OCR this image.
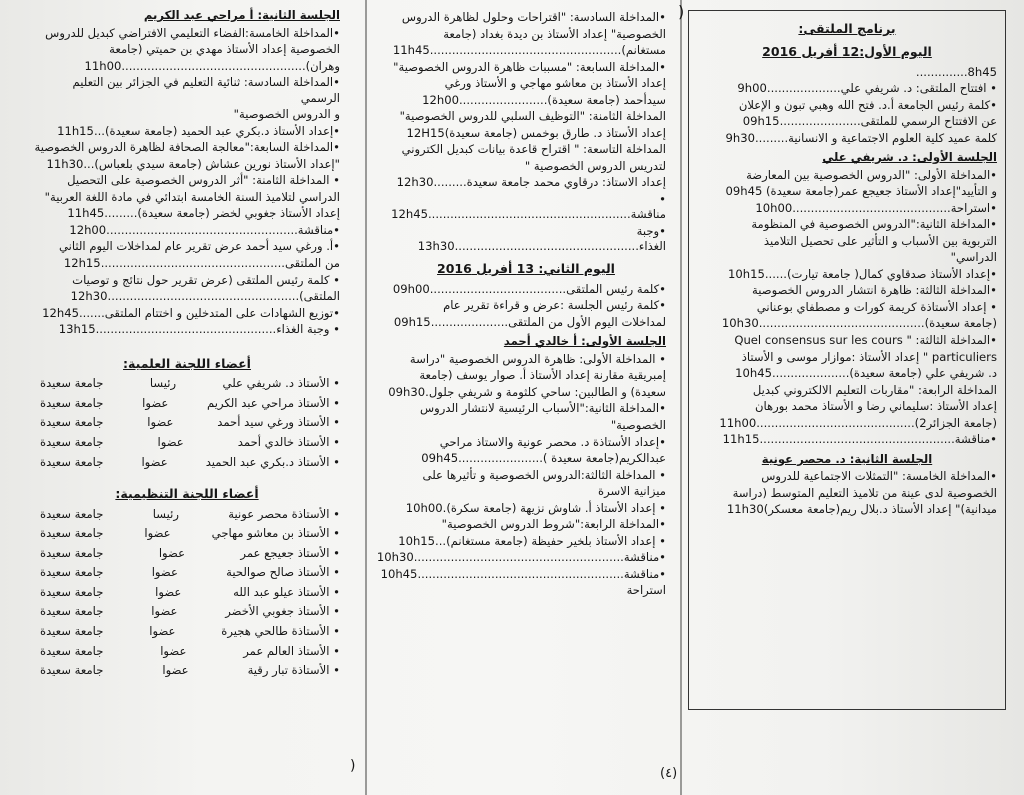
برنامج الملتقى:
اليوم الأول:12 أفريل 2016
8h45..............
• افتتاح الملتقى: د. شريفي علي....................9h00
•كلمة رئيس الجامعة أ.د. فتح الله وهبي تبون و الإعلان
عن الافتتاح الرسمي للملتقى......................09h15
كلمة عميد كلية العلوم الاجتماعية و الانسانية.........9h30
الجلسة الأولى: د. شريفي علي
•المداخلة الأولى: "الدروس الخصوصية بين المعارضة
و التأييد"إعداد الأستاذ جعيجع عمر(جامعة سعيدة) 09h45
•استراحة...........................................10h00
•المداخلة الثانية:"الدروس الخصوصية في المنظومة
التربوية بين الأسباب و التأثير على تحصيل التلاميذ
الدراسي"
•إعداد الأستاذ صدقاوي كمال( جامعة تيارت)......10h15
•المداخلة الثالثة: ظاهرة انتشار الدروس الخصوصية
• إعداد الأستاذة كريمة كورات و مصطفاي بوعناني
(جامعة سعيدة).............................................10h30
•المداخلة الثالثة: " Quel consensus sur les cours
particuliers " إعداد الأستاذ :موازار موسى و الأستاذ
د. شريفي علي (جامعة سعيدة).....................10h45
المداخلة الرابعة: "مقاربات التعليم الالكتروني كبديل
إعداد الأستاذ :سليماني رضا و الأستاذ محمد بورهان
(جامعة الجزائر2)...........................................11h00
•مناقشة.....................................................11h15
الجلسة الثانية: د. محصر عونية
•المداخلة الخامسة: "التمثلات الاجتماعية للدروس
الخصوصية لدى عينة من تلاميذ التعليم المتوسط (دراسة
ميدانية)" إعداد الأستاذ د.بلال ريم(جامعة معسكر)11h30
•المداخلة السادسة: "اقتراحات وحلول لظاهرة الدروس
الخصوصية" إعداد الأستاذ بن ديدة بغداد (جامعة
مستغانم)....................................................11h45
•المداخلة السابعة: "مسببات ظاهرة الدروس الخصوصية"
إعداد الأستاذ بن معاشو مهاجي و الأستاذ ورغي
سيدأحمد (جامعة سعيدة)........................12h00
المداخلة الثامنة: "التوظيف السلبي للدروس الخصوصية"
إعداد الأستاذ د. طارق بوخمس (جامعة سعيدة)12H15
المداخلة التاسعة: " اقتراح قاعدة بيانات كبديل الكتروني
لتدريس الدروس الخصوصية "
إعداد الاستاذ: درقاوي محمد جامعة سعيدة.........12h30
• مناقشة.......................................................12h45
•وجبة الغذاء..................................................13h30
اليوم الثاني: 13 أفريل 2016
•كلمة رئيس الملتقى.....................................09h00
•كلمة رئيس الجلسة :عرض و قراءة تقرير عام
لمداخلات اليوم الأول من الملتقى.....................09h15
الجلسة الأولى: أ خالدي أحمد
• المداخلة الأولى: ظاهرة الدروس الخصوصية "دراسة
إمبريقية مقارنة إعداد الأستاذ أ. صوار يوسف (جامعة
سعيدة) و الطالبين: ساحي كلثومة و شريفي جلول.09h30
•المداخلة الثانية:"الأسباب الرئيسية لانتشار الدروس
الخصوصية"
•إعداد الأستاذة د. محصر عونية والاستاذ مراحي
عبدالكريم(جامعة سعيدة ).......................09h45
• المداخلة الثالثة:الدروس الخصوصية و تأثيرها على
ميزانية الاسرة
• إعداد الأستاذ أ. شاوش نزيهة (جامعة سكرة).10h00
•المداخلة الرابعة:"شروط الدروس الخصوصية"
• إعداد الأستاذ بلخير حفيظة (جامعة مستغانم)...10h15
•مناقشة.........................................................10h30
•مناقشة........................................................10h45
استراحة
الجلسة الثانية: أ مراحي عبد الكريم
•المداخلة الخامسة:الفضاء التعليمي الافتراضي كبديل للدروس
الخصوصية إعداد الأستاذ مهدي بن حميتي (جامعة
وهران)..................................................11h00
•المداخلة السادسة: ثنائية التعليم في الجزائر بين التعليم الرسمي
و الدروس الخصوصية"
•إعداد الأستاذ د.بكري عبد الحميد (جامعة سعيدة)...11h15
•المداخلة السابعة:"معالجة الصحافة لظاهرة الدروس الخصوصية
"إعداد الأستاذ نورين عشاش (جامعة سيدي بلعباس)...11h30
• المداخلة الثامنة: "أثر الدروس الخصوصية على التحصيل
الدراسي لتلاميذ السنة الخامسة ابتدائي في مادة اللغة العربية"
إعداد الأستاذ جغوبي لخضر (جامعة سعيدة).........11h45
•مناقشة....................................................12h00
•أ. ورغي سيد أحمد عرض تقرير عام لمداخلات اليوم الثاني
من الملتقى..................................................12h15
• كلمة رئيس الملتقى (عرض تقرير حول نتائج و توصيات
الملتقى)....................................................12h30
•توزيع الشهادات على المتدخلين و اختتام الملتقى.......12h45
• وجبة الغذاء.................................................13h15
أعضاء اللجنة العلمية:
• الأستاذ د. شريفي علي
رئيسا
جامعة سعيدة
• الأستاذ مراحي عبد الكريم
عضوا
جامعة سعيدة
• الأستاذ ورغي سيد أحمد
عضوا
جامعة سعيدة
• الأستاذ خالدي أحمد
عضوا
جامعة سعيدة
• الأستاذ د.بكري عبد الحميد
عضوا
جامعة سعيدة
أعضاء اللجنة التنظيمية:
• الأستاذة محصر عونية
رئيسا
جامعة سعيدة
• الأستاذ بن معاشو مهاجي
عضوا
جامعة سعيدة
• الأستاذ جعيجع عمر
عضوا
جامعة سعيدة
• الأستاذ صالح صوالحية
عضوا
جامعة سعيدة
• الأستاذ عيلو عبد الله
عضوا
جامعة سعيدة
• الأستاذ جغوبي الأخضر
عضوا
جامعة سعيدة
• الأستاذة طالحي هجيرة
عضوا
جامعة سعيدة
• الأستاذ العالم عمر
عضوا
جامعة سعيدة
• الأستاذة تبار رقية
عضوا
جامعة سعيدة
(٤)
(
(
